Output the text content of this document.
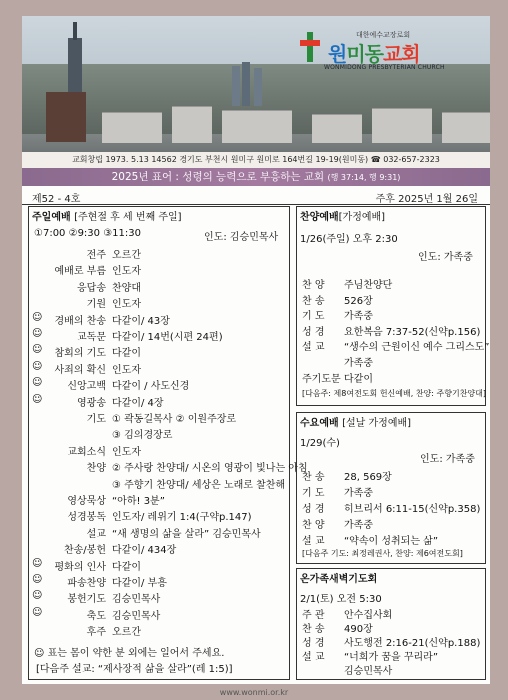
대한예수교장로회
원미동교회
WONMIDONG PRESBYTERIAN CHURCH
교회창립 1973. 5.13 14562 경기도 부천시 원미구 원미로 164번길 19-19(원미동) ☎ 032-657-2323
2025년 표어 : 성령의 능력으로 부흥하는 교회 (행 37:14, 행 9:31)
제52 - 4호	주후 2025년 1월 26일
주일예배 [주현절 후 세 번째 주일]
①7:00 ②9:30 ③11:30	인도: 김승민목사
전주 오르간
예배로 부름 인도자
응답송 찬양대
기원 인도자
☺	경배의 찬송 다같이/ 43장
☺	교독문 다같이/ 14번(시편 24편)
☺	참회의 기도 다같이
☺	사죄의 확신 인도자
☺	신앙고백 다같이 / 사도신경
☺	영광송 다같이/ 4장
기도 ① 곽동길목사 ② 이원주장로
③ 김의경장로
교회소식 인도자
찬양 ② 주사랑 찬양대/ 시온의 영광이 빛나는 아침
③ 주향기 찬양대/ 세상은 노래로 찰찬해
영상묵상 “아하! 3분”
성경봉독 인도자/ 레위기 1:4(구약p.147)
설교 “새 생명의 삶을 살라” 김승민목사
찬송/봉헌 다같이/ 434장
☺	평화의 인사 다같이
☺	파송찬양 다같이/ 부흥
☺	봉헌기도 김승민목사
☺	축도 김승민목사
후주 오르간
☺ 표는 몸이 약한 분 외에는 일어서 주세요.
[다음주 설교: “제사장적 삶을 살라”(레 1:5)]
찬양예배[가정예배]
1/26(주일) 오후 2:30
인도: 가족중
찬 양	주님찬양단
찬 송	526장
기 도	가족중
성 경	요한복음 7:37-52(신약p.156)
설 교	“생수의 근원이신 예수 그리스도”
가족중
주기도문 다같이
[다음주: 제8여전도회 헌신예배, 찬양: 주향기찬양대]
수요예배 [설날 가정예배]
1/29(수)
인도: 가족중
찬 송	28, 569장
기 도	가족중
성 경	히브리서 6:11-15(신약p.358)
찬 양	가족중
설 교	“약속이 성취되는 삶”
[다음주 기도: 최정레권사, 찬양: 제6여전도회]
온가족새벽기도회
2/1(토) 오전 5:30
주 관	안수집사회
찬 송	490장
성 경	사도행전 2:16-21(신약p.188)
설 교	“너희가 꿈을 꾸리라”
김승민목사
www.wonmi.or.kr
